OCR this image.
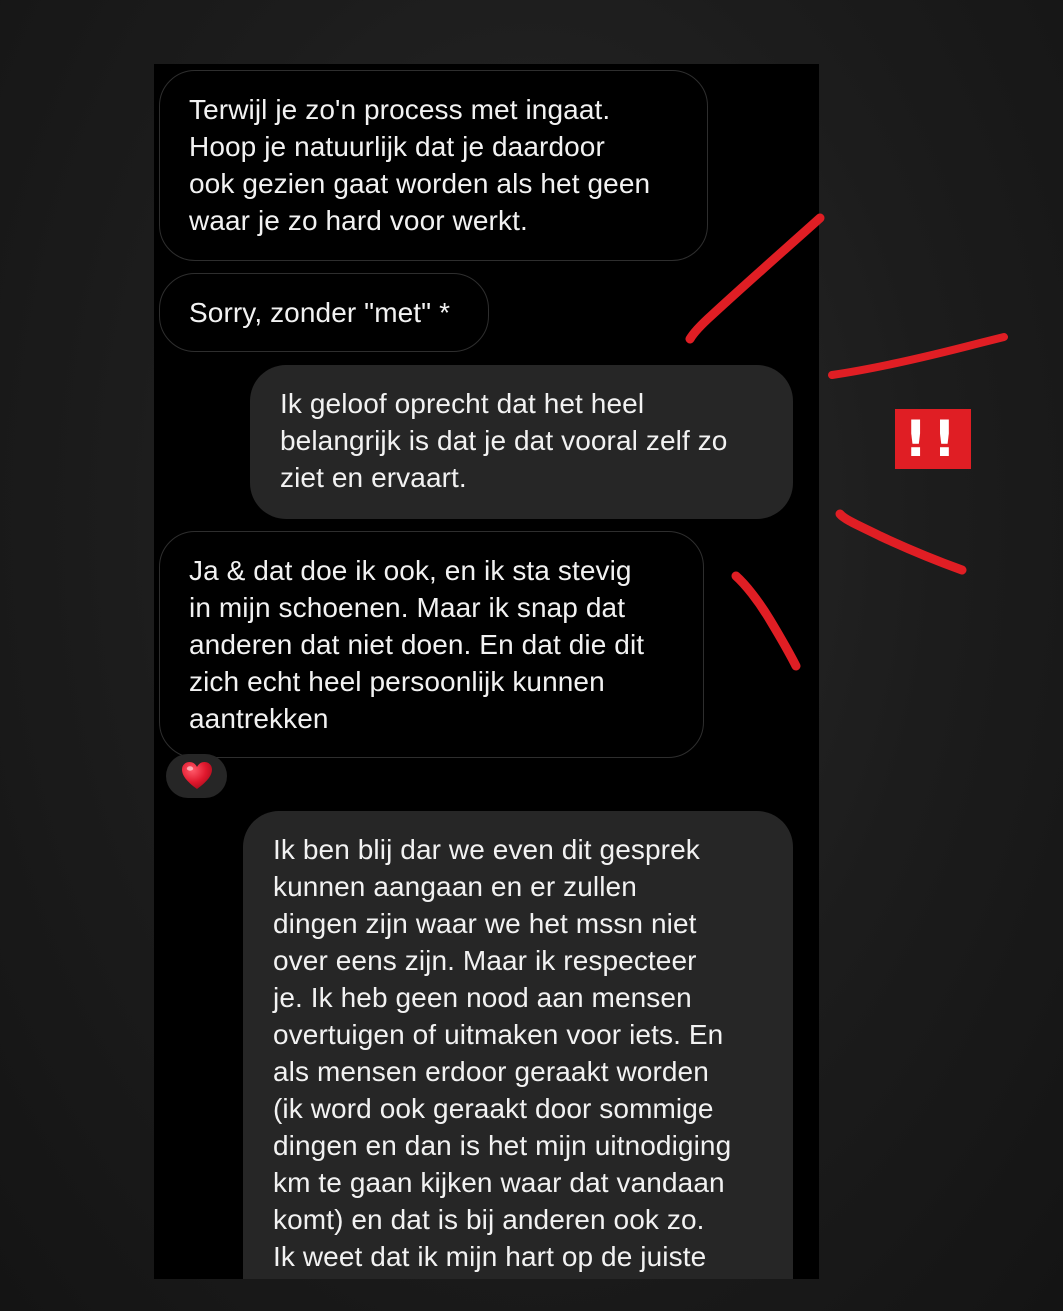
Terwijl je zo'n process met ingaat.
Hoop je natuurlijk dat je daardoor
ook gezien gaat worden als het geen
waar je zo hard voor werkt.
Sorry, zonder "met" *
Ik geloof oprecht dat het heel
belangrijk is dat je dat vooral zelf zo
ziet en ervaart.
Ja & dat doe ik ook, en ik sta stevig
in mijn schoenen. Maar ik snap dat
anderen dat niet doen. En dat die dit
zich echt heel persoonlijk kunnen
aantrekken
Ik ben blij dar we even dit gesprek
kunnen aangaan en er zullen
dingen zijn waar we het mssn niet
over eens zijn. Maar ik respecteer
je. Ik heb geen nood aan mensen
overtuigen of uitmaken voor iets. En
als mensen erdoor geraakt worden
(ik word ook geraakt door sommige
dingen en dan is het mijn uitnodiging
km te gaan kijken waar dat vandaan
komt) en dat is bij anderen ook zo.
Ik weet dat ik mijn hart op de juiste
!!
